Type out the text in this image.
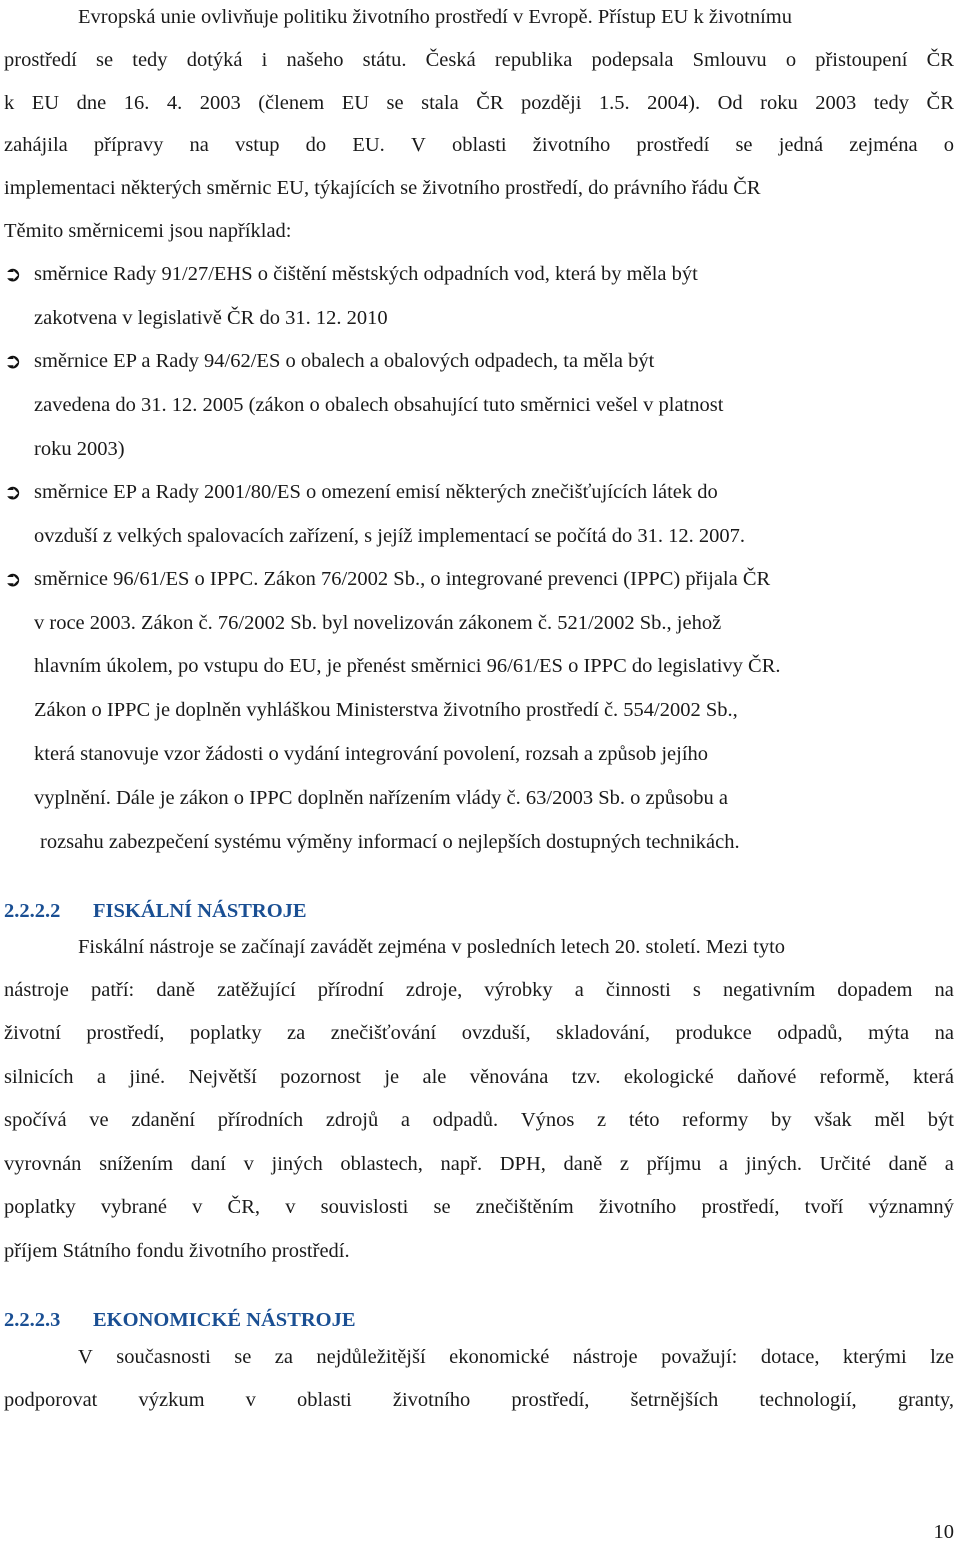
Evropská unie ovlivňuje politiku životního prostředí v Evropě. Přístup EU k životnímu
prostředí se tedy dotýká i našeho státu. Česká republika podepsala Smlouvu o přistoupení ČR
k EU dne 16. 4. 2003 (členem EU se stala ČR později 1.5. 2004). Od roku 2003 tedy ČR
zahájila přípravy na vstup do EU. V oblasti životního prostředí se jedná zejména o
implementaci některých směrnic EU, týkajících se životního prostředí, do právního řádu ČR
Těmito směrnicemi jsou například:
➲ směrnice Rady 91/27/EHS o čištění městských odpadních vod, která by měla být
zakotvena v legislativě ČR do 31. 12. 2010
➲ směrnice EP a Rady 94/62/ES o obalech a obalových odpadech, ta měla být
zavedena do 31. 12. 2005 (zákon o obalech obsahující tuto směrnici vešel v platnost
roku 2003)
➲ směrnice EP a Rady 2001/80/ES o omezení emisí některých znečišťujících látek do
ovzduší z velkých spalovacích zařízení, s jejíž implementací se počítá do 31. 12. 2007.
➲ směrnice 96/61/ES o IPPC. Zákon 76/2002 Sb., o integrované prevenci (IPPC) přijala ČR
v roce 2003. Zákon č. 76/2002 Sb. byl novelizován zákonem č. 521/2002 Sb., jehož
hlavním úkolem, po vstupu do EU, je přenést směrnici 96/61/ES o IPPC do legislativy ČR.
Zákon o IPPC je doplněn vyhláškou Ministerstva životního prostředí č. 554/2002 Sb.,
která stanovuje vzor žádosti o vydání integrování povolení, rozsah a způsob jejího
vyplnění. Dále je zákon o IPPC doplněn nařízením vlády č. 63/2003 Sb. o způsobu a
rozsahu zabezpečení systému výměny informací o nejlepších dostupných technikách.
2.2.2.2 FISKÁLNÍ NÁSTROJE
Fiskální nástroje se začínají zavádět zejména v posledních letech 20. století. Mezi tyto
nástroje patří: daně zatěžující přírodní zdroje, výrobky a činnosti s negativním dopadem na
životní prostředí, poplatky za znečišťování ovzduší, skladování, produkce odpadů, mýta na
silnicích a jiné. Největší pozornost je ale věnována tzv. ekologické daňové reformě, která
spočívá ve zdanění přírodních zdrojů a odpadů. Výnos z této reformy by však měl být
vyrovnán snížením daní v jiných oblastech, např. DPH, daně z příjmu a jiných. Určité daně a
poplatky vybrané v ČR, v souvislosti se znečištěním životního prostředí, tvoří významný
příjem Státního fondu životního prostředí.
2.2.2.3 EKONOMICKÉ NÁSTROJE
V současnosti se za nejdůležitější ekonomické nástroje považují: dotace, kterými lze
podporovat výzkum v oblasti životního prostředí, šetrnějších technologií, granty,
10
